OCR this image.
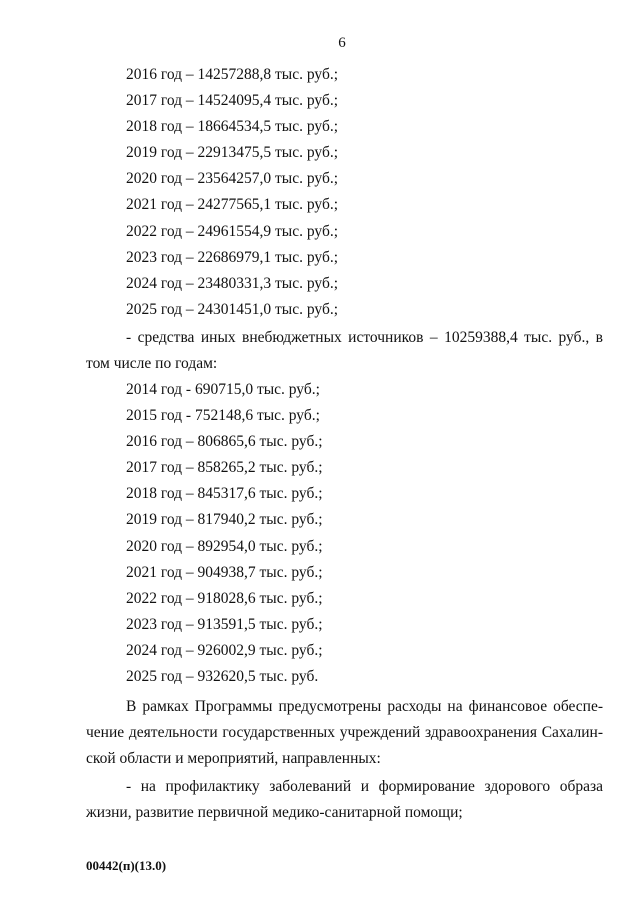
6
2016 год – 14257288,8 тыс. руб.;
2017 год – 14524095,4 тыс. руб.;
2018 год – 18664534,5 тыс. руб.;
2019 год – 22913475,5 тыс. руб.;
2020 год – 23564257,0 тыс. руб.;
2021 год – 24277565,1 тыс. руб.;
2022 год – 24961554,9 тыс. руб.;
2023 год – 22686979,1 тыс. руб.;
2024 год – 23480331,3 тыс. руб.;
2025 год – 24301451,0 тыс. руб.;

- средства иных внебюджетных источников – 10259388,4 тыс. руб., в том числе по годам:

2014 год - 690715,0 тыс. руб.;
2015 год - 752148,6 тыс. руб.;
2016 год – 806865,6 тыс. руб.;
2017 год – 858265,2 тыс. руб.;
2018 год – 845317,6 тыс. руб.;
2019 год – 817940,2 тыс. руб.;
2020 год – 892954,0 тыс. руб.;
2021 год – 904938,7 тыс. руб.;
2022 год – 918028,6 тыс. руб.;
2023 год – 913591,5 тыс. руб.;
2024 год – 926002,9 тыс. руб.;
2025 год – 932620,5 тыс. руб.

В рамках Программы предусмотрены расходы на финансовое обеспе-чение деятельности государственных учреждений здравоохранения Сахалин-ской области и мероприятий, направленных:

- на профилактику заболеваний и формирование здорового образа жизни, развитие первичной медико-санитарной помощи;

00442(п)(13.0)
